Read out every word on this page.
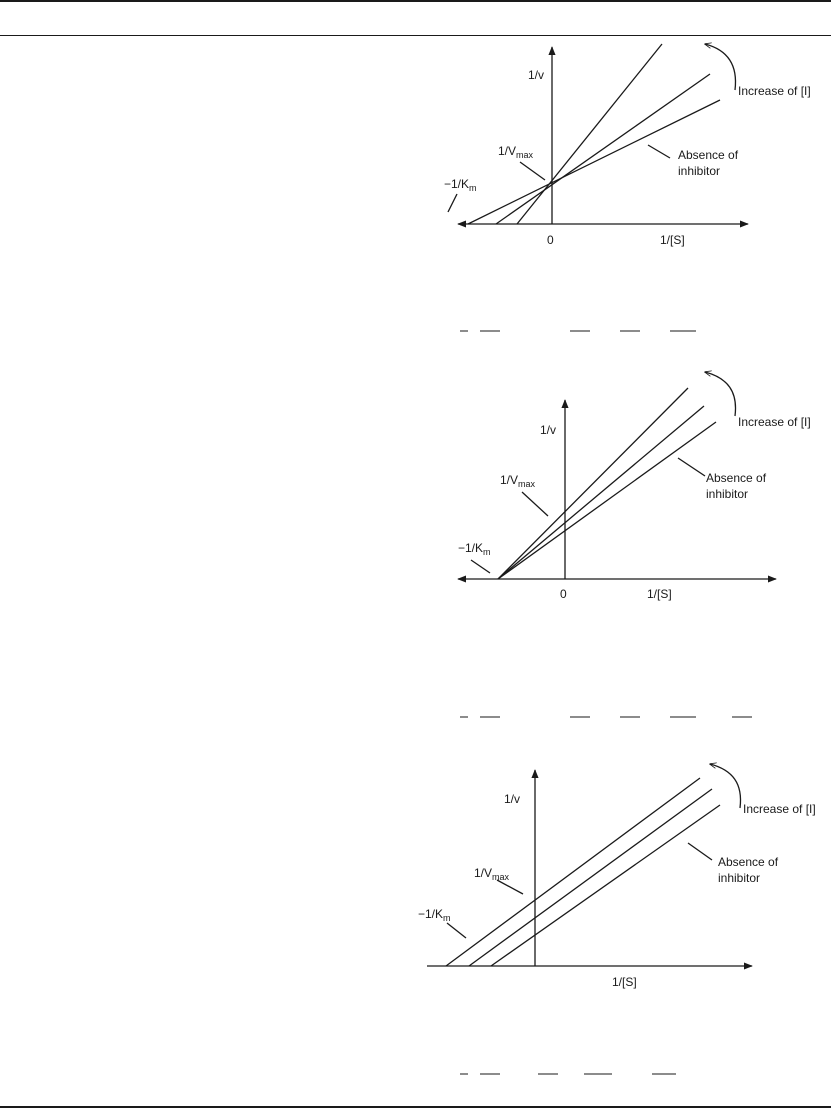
1/v
$1/V_{max}$
$-1/K_m$
0	1/[S]
Increase of [I]
Absence of
inhibitor
1/v
$1/V_{max}$
$-1/K_m$
0	1/[S]
Increase of [I]
Absence of
inhibitor
1/v
$1/V_{max}$
$-1/K_m$
1/[S]
Increase of [I]
Absence of
inhibitor
